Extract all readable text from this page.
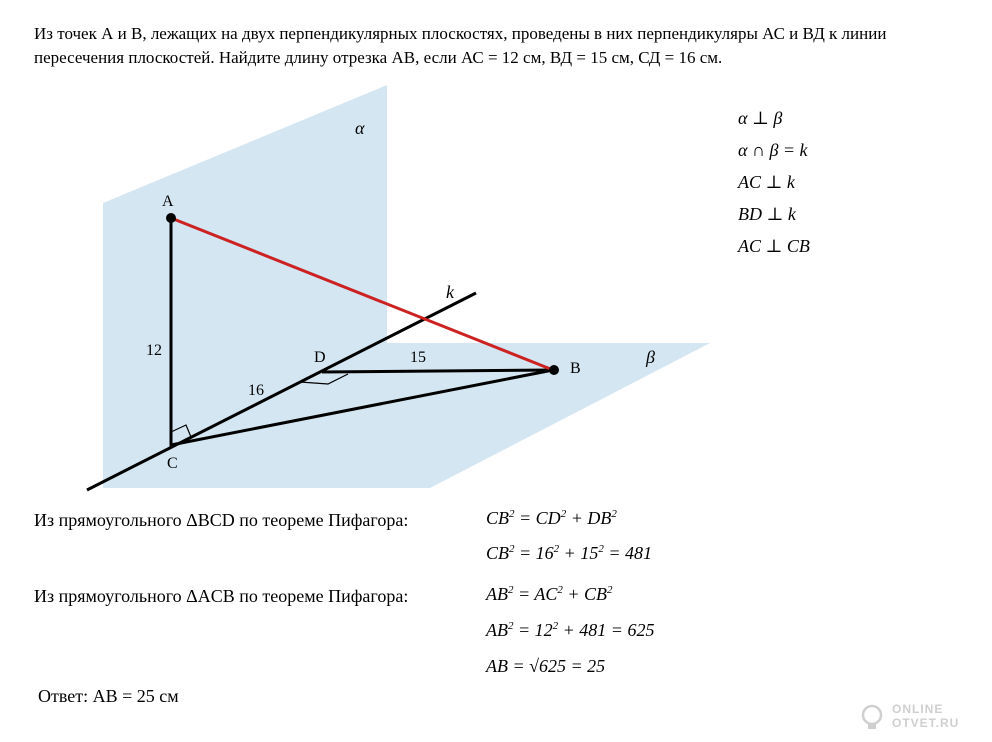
Из точек А и В, лежащих на двух перпендикулярных плоскостях, проведены в них перпендикуляры АС и ВД к линии пересечения плоскостей. Найдите длину отрезка АВ, если АС = 12 см, ВД = 15 см, СД = 16 см.
A
B
C
D
α
β
k
12	15
16
α ⊥ β
α ∩ β = k
AC ⊥ k
BD ⊥ k
AC ⊥ CB
Из прямоугольного ΔBCD по теореме Пифагора:	$CB^2 = CD^2 + DB^2$
$CB^2 = 16^2 + 15^2 = 481$
Из прямоугольного ΔACB по теореме Пифагора:	$AB^2 = AC^2 + CB^2$
$AB^2 = 12^2 + 481 = 625$
AB = √625 = 25
Ответ: AB = 25 см
ONLINE
OTVET.RU
